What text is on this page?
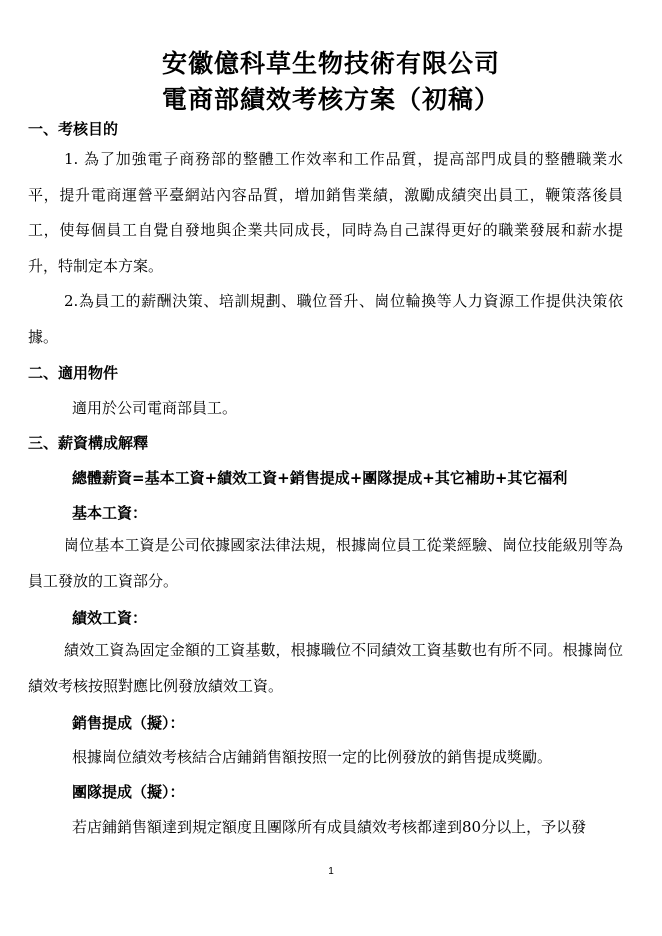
安徽億科草生物技術有限公司
電商部績效考核方案（初稿）
一、考核目的
1. 為了加強電子商務部的整體工作效率和工作品質，提高部門成員的整體職業水平，提升電商運營平臺網站內容品質，增加銷售業績，激勵成績突出員工，鞭策落後員工，使每個員工自覺自發地與企業共同成長，同時為自己謀得更好的職業發展和薪水提升，特制定本方案。
2.為員工的薪酬決策、培訓規劃、職位晉升、崗位輪換等人力資源工作提供決策依據。
二、適用物件
適用於公司電商部員工。
三、薪資構成解釋
總體薪資=基本工資+績效工資+銷售提成+團隊提成+其它補助+其它福利
基本工資：
崗位基本工資是公司依據國家法律法規，根據崗位員工從業經驗、崗位技能級別等為員工發放的工資部分。
績效工資：
績效工資為固定金額的工資基數，根據職位不同績效工資基數也有所不同。根據崗位績效考核按照對應比例發放績效工資。
銷售提成（擬）：
根據崗位績效考核結合店鋪銷售額按照一定的比例發放的銷售提成獎勵。
團隊提成（擬）：
若店鋪銷售額達到規定額度且團隊所有成員績效考核都達到80分以上，予以發
1
